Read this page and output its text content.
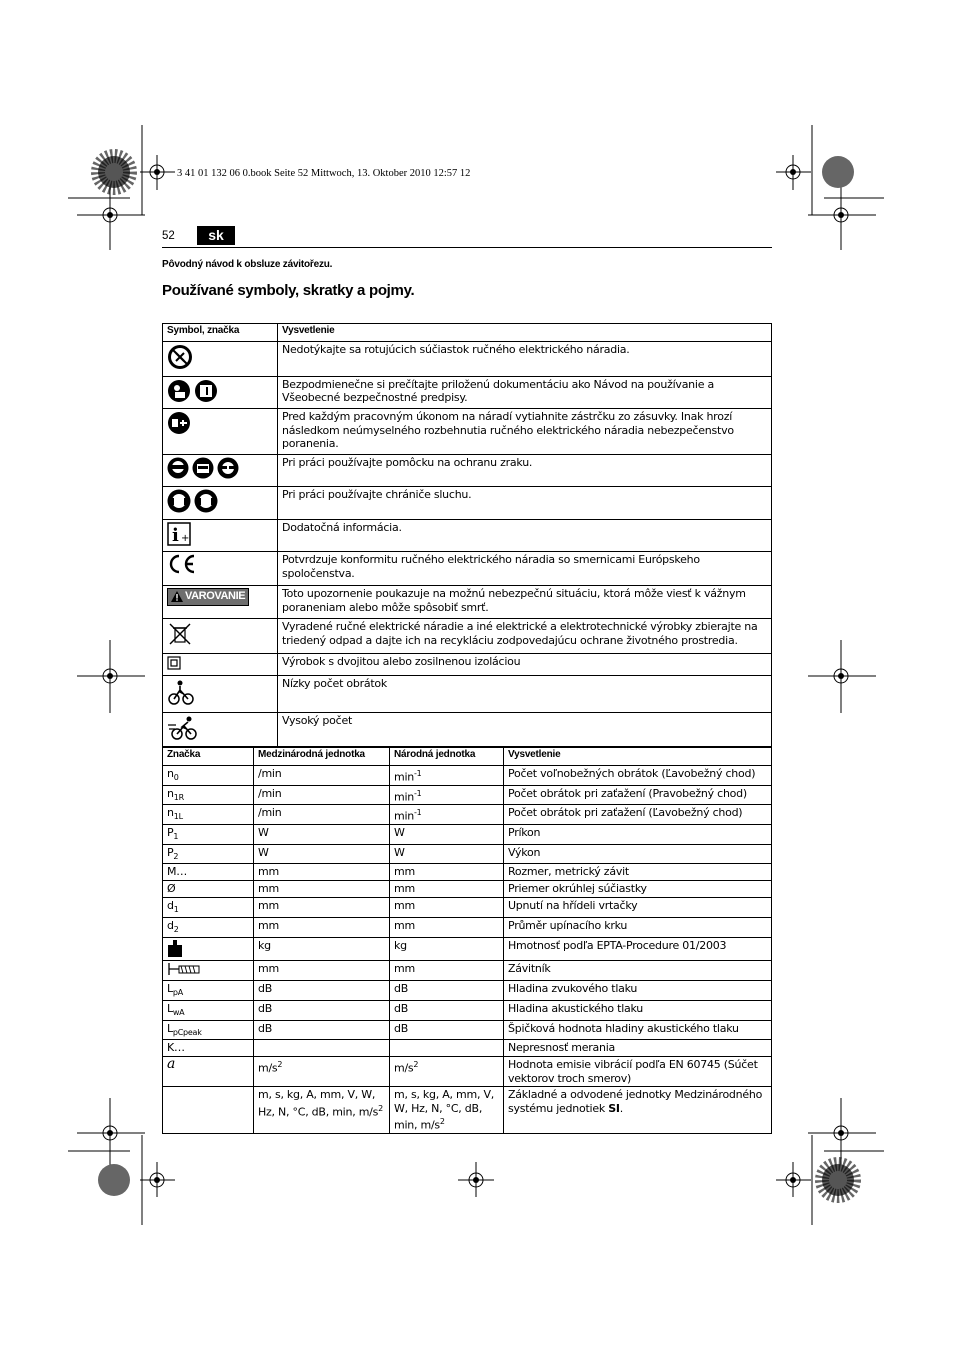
3 41 01 132 06 0.book Seite 52 Mittwoch, 13. Oktober 2010 12:57 12
52	sk
Pôvodný návod k obsluze závitořezu.
Používané symboly, skratky a pojmy.
Symbol, značka	Vysvetlenie
	Nedotýkajte sa rotujúcich súčiastok ručného elektrického náradia.
	Bezpodmienečne si prečítajte priloženú dokumentáciu ako Návod na používanie a Všeobecné bezpečnostné predpisy.
	Pred každým pracovným úkonom na náradí vytiahnite zástrčku zo zásuvky. Inak hrozí následkom neúmyselného rozbehnutia ručného elektrického náradia nebezpečenstvo poranenia.
	Pri práci používajte pomôcku na ochranu zraku.
	Pri práci používajte chrániče sluchu.

i +	Dodatočná informácia.
	Potvrdzuje konformitu ručného elektrického náradia so smernicami Európskeho spoločenstva.

VAROVANIE	Toto upozornenie poukazuje na možnú nebezpečnú situáciu, ktorá môže viesť k vážnym poraneniam alebo môže spôsobiť smrť.
	Vyradené ručné elektrické náradie a iné elektrické a elektrotechnické výrobky zbierajte na triedený odpad a dajte ich na recykláciu zodpovedajúcu ochrane životného prostredia.
	Výrobok s dvojitou alebo zosilnenou izoláciou
	Nízky počet obrátok
	Vysoký počet
Značka	Medzinárodná jednotka	Národná jednotka	Vysvetlenie
$n_0$	/min	$\min^{-1}$	Počet voľnobežných obrátok (Ľavobežný chod)
$n_{1R}$	/min	$\min^{-1}$	Počet obrátok pri zaťažení (Pravobežný chod)
$n_{1L}$	/min	$\min^{-1}$	Počet obrátok pri zaťažení (Ľavobežný chod)
$P_1$	W	W	Príkon
$P_2$	W	W	Výkon
M…	mm	mm	Rozmer, metrický závit
Ø	mm	mm	Priemer okrúhlej súčiastky
$d_1$	mm	mm	Upnutí na hřídeli vrtačky
$d_2$	mm	mm	Průměr upínacího krku
	kg	kg	Hmotnosť podľa EPTA-Procedure 01/2003
	mm	mm	Závitník
$L_{pA}$	dB	dB	Hladina zvukového tlaku
$L_{wA}$	dB	dB	Hladina akustického tlaku
$L_{pCpeak}$	dB	dB	Špičková hodnota hladiny akustického tlaku
K…			Nepresnosť merania
a	$m/s^2$	$m/s^2$	Hodnota emisie vibrácií podľa EN 60745 (Súčet vektorov troch smerov)
	m, s, kg, A, mm, V, W, Hz, N, °C, dB, min, $m/s^2$	m, s, kg, A, mm, V, W, Hz, N, °C, dB, min, $m/s^2$	Základné a odvodené jednotky Medzinárodného systému jednotiek SI.
